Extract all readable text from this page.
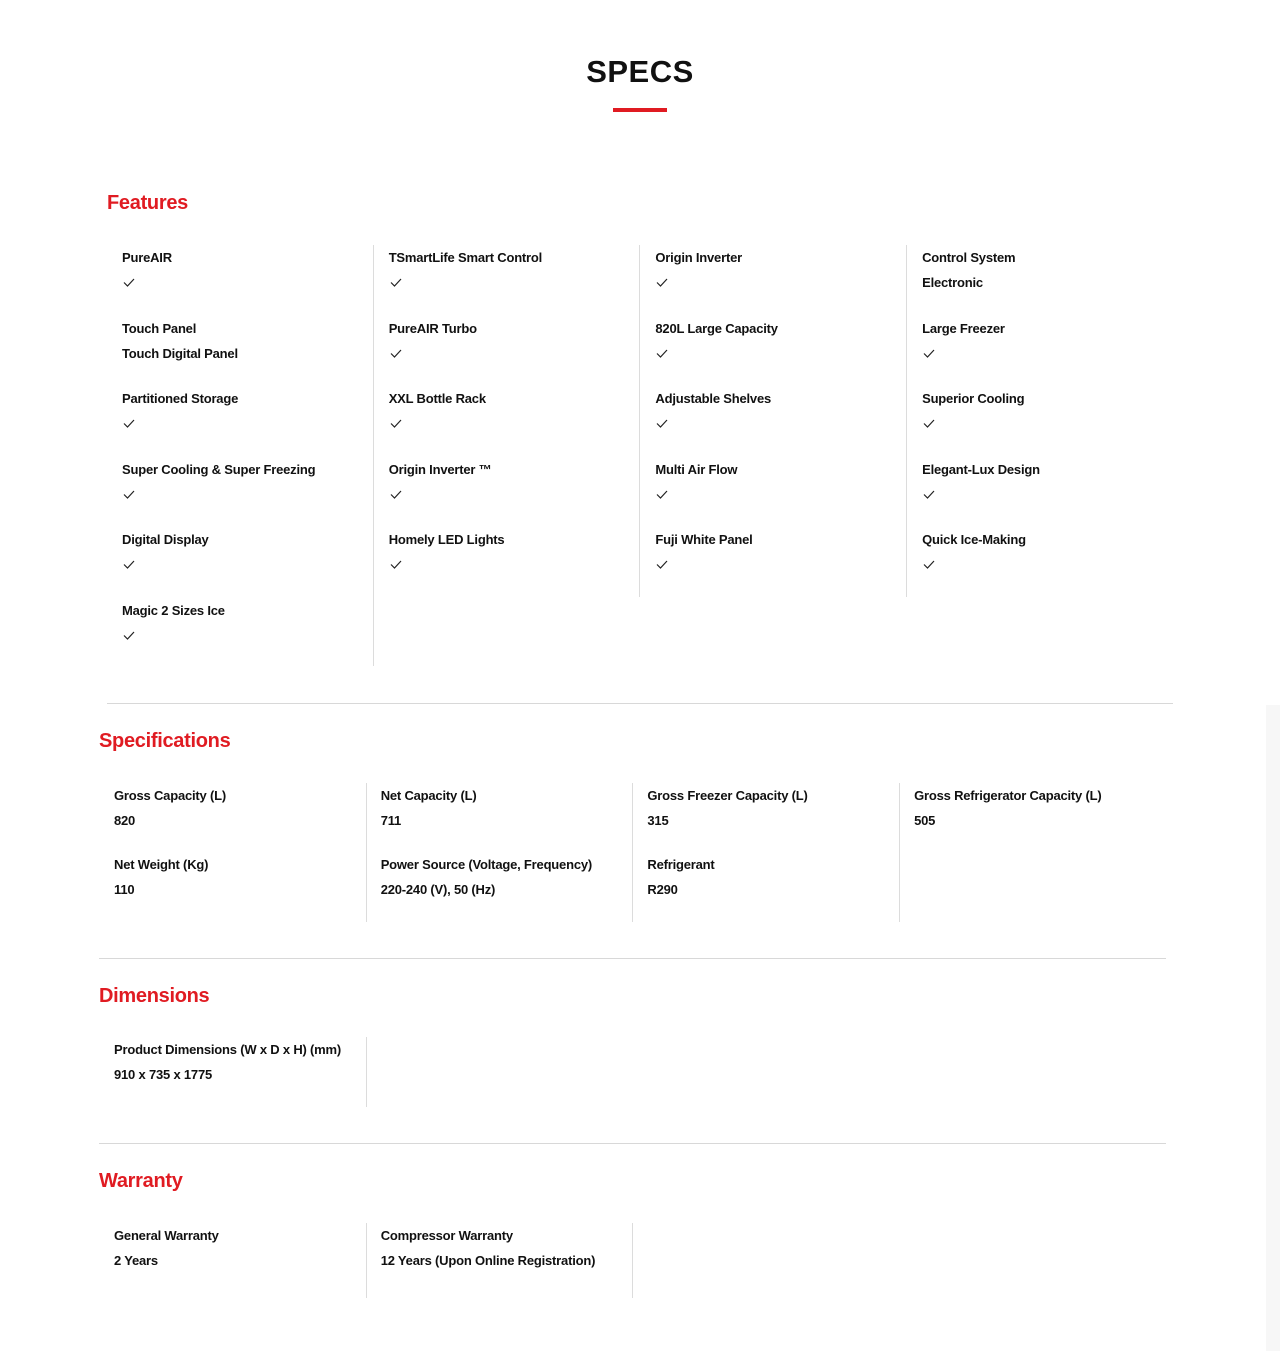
SPECS
Features
PureAIR
Touch Panel
Touch Digital Panel
Partitioned Storage
Super Cooling & Super Freezing
Digital Display
Magic 2 Sizes Ice
TSmartLife Smart Control
PureAIR Turbo
XXL Bottle Rack
Origin Inverter ™
Homely LED Lights
Origin Inverter
820L Large Capacity
Adjustable Shelves
Multi Air Flow
Fuji White Panel
Control System
Electronic
Large Freezer
Superior Cooling
Elegant-Lux Design
Quick Ice-Making
Specifications
Gross Capacity (L)
820
Net Weight (Kg)
110
Net Capacity (L)
711
Power Source (Voltage, Frequency)
220-240 (V), 50 (Hz)
Gross Freezer Capacity (L)
315
Refrigerant
R290
Gross Refrigerator Capacity (L)
505
Dimensions
Product Dimensions (W x D x H) (mm)
910 x 735 x 1775
Warranty
General Warranty
2 Years
Compressor Warranty
12 Years (Upon Online Registration)
